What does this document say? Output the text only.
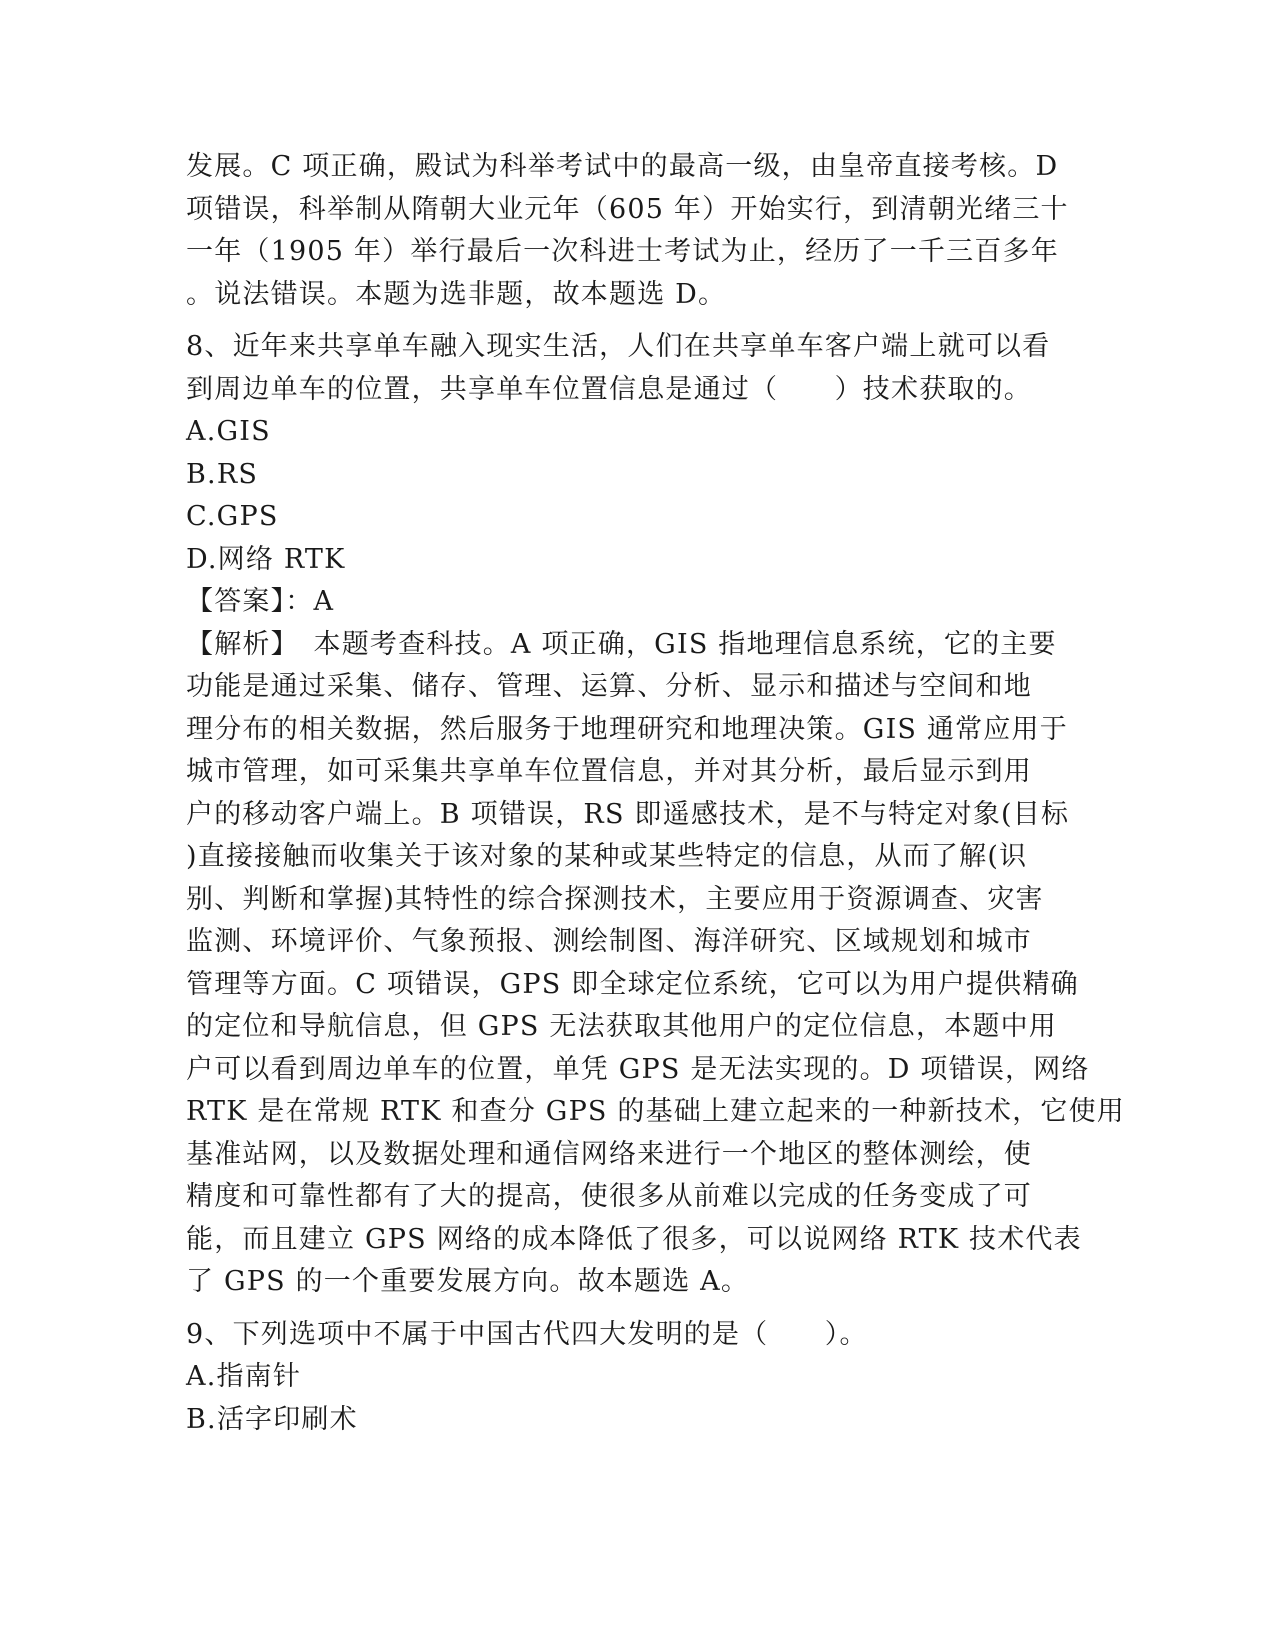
发展。C 项正确，殿试为科举考试中的最高一级，由皇帝直接考核。D
项错误，科举制从隋朝大业元年（605 年）开始实行，到清朝光绪三十
一年（1905 年）举行最后一次科进士考试为止，经历了一千三百多年
。说法错误。本题为选非题，故本题选 D。
8、近年来共享单车融入现实生活，人们在共享单车客户端上就可以看
到周边单车的位置，共享单车位置信息是通过（　　）技术获取的。
A.GIS
B.RS
C.GPS
D.网络 RTK
【答案】：A
【解析】　本题考查科技。A 项正确，GIS 指地理信息系统，它的主要
功能是通过采集、储存、管理、运算、分析、显示和描述与空间和地
理分布的相关数据，然后服务于地理研究和地理决策。GIS 通常应用于
城市管理，如可采集共享单车位置信息，并对其分析，最后显示到用
户的移动客户端上。B 项错误，RS 即遥感技术，是不与特定对象(目标
)直接接触而收集关于该对象的某种或某些特定的信息，从而了解(识
别、判断和掌握)其特性的综合探测技术，主要应用于资源调查、灾害
监测、环境评价、气象预报、测绘制图、海洋研究、区域规划和城市
管理等方面。C 项错误，GPS 即全球定位系统，它可以为用户提供精确
的定位和导航信息，但 GPS 无法获取其他用户的定位信息，本题中用
户可以看到周边单车的位置，单凭 GPS 是无法实现的。D 项错误，网络
RTK 是在常规 RTK 和查分 GPS 的基础上建立起来的一种新技术，它使用
基准站网，以及数据处理和通信网络来进行一个地区的整体测绘，使
精度和可靠性都有了大的提高，使很多从前难以完成的任务变成了可
能，而且建立 GPS 网络的成本降低了很多，可以说网络 RTK 技术代表
了 GPS 的一个重要发展方向。故本题选 A。
9、下列选项中不属于中国古代四大发明的是（　　）。
A.指南针
B.活字印刷术
